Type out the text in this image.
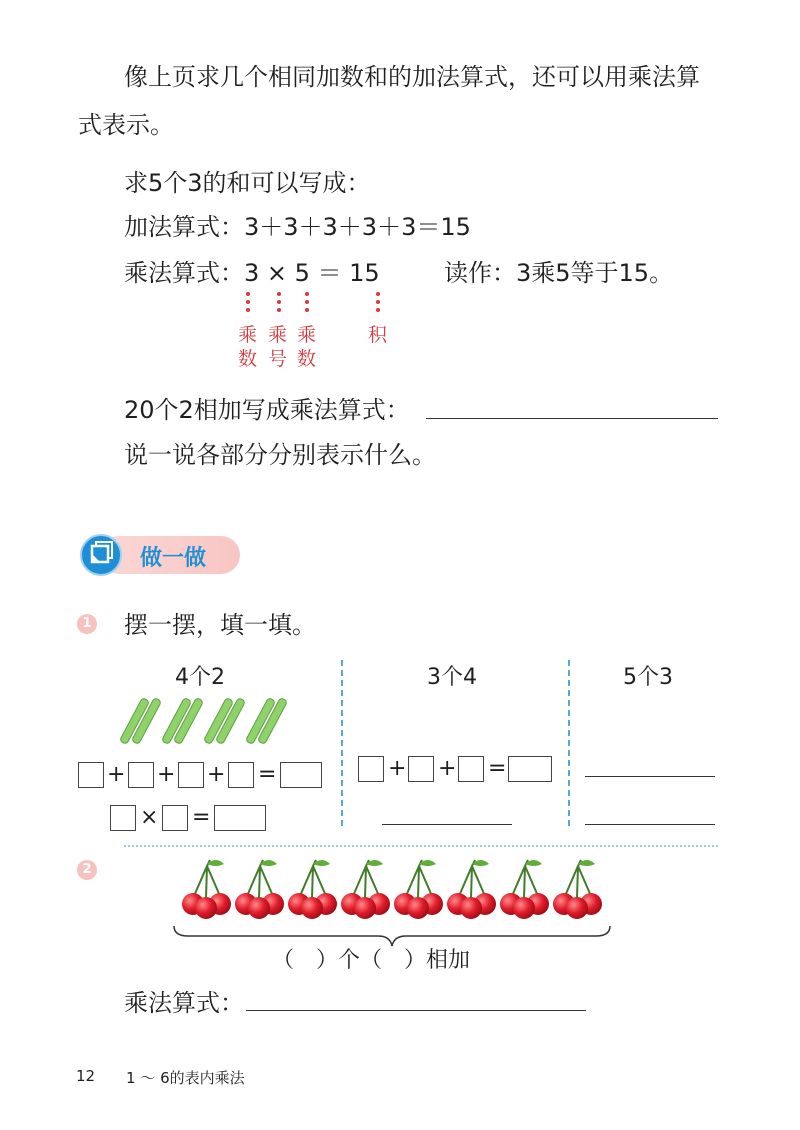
像上页求几个相同加数和的加法算式，还可以用乘法算
式表示。
求5个3的和可以写成：
加法算式：3＋3＋3＋3＋3＝15
乘法算式：3 × 5 ＝ 15	读作：3乘5等于15。
乘
数
乘
号
乘
数
积
20个2相加写成乘法算式：
说一说各部分分别表示什么。
做一做
1 摆一摆，填一填。
4个2	3个4	5个3
+ + + =
× =
+ + =
2
（　）个（　）相加
乘法算式：
12 1 ～ 6的表内乘法
